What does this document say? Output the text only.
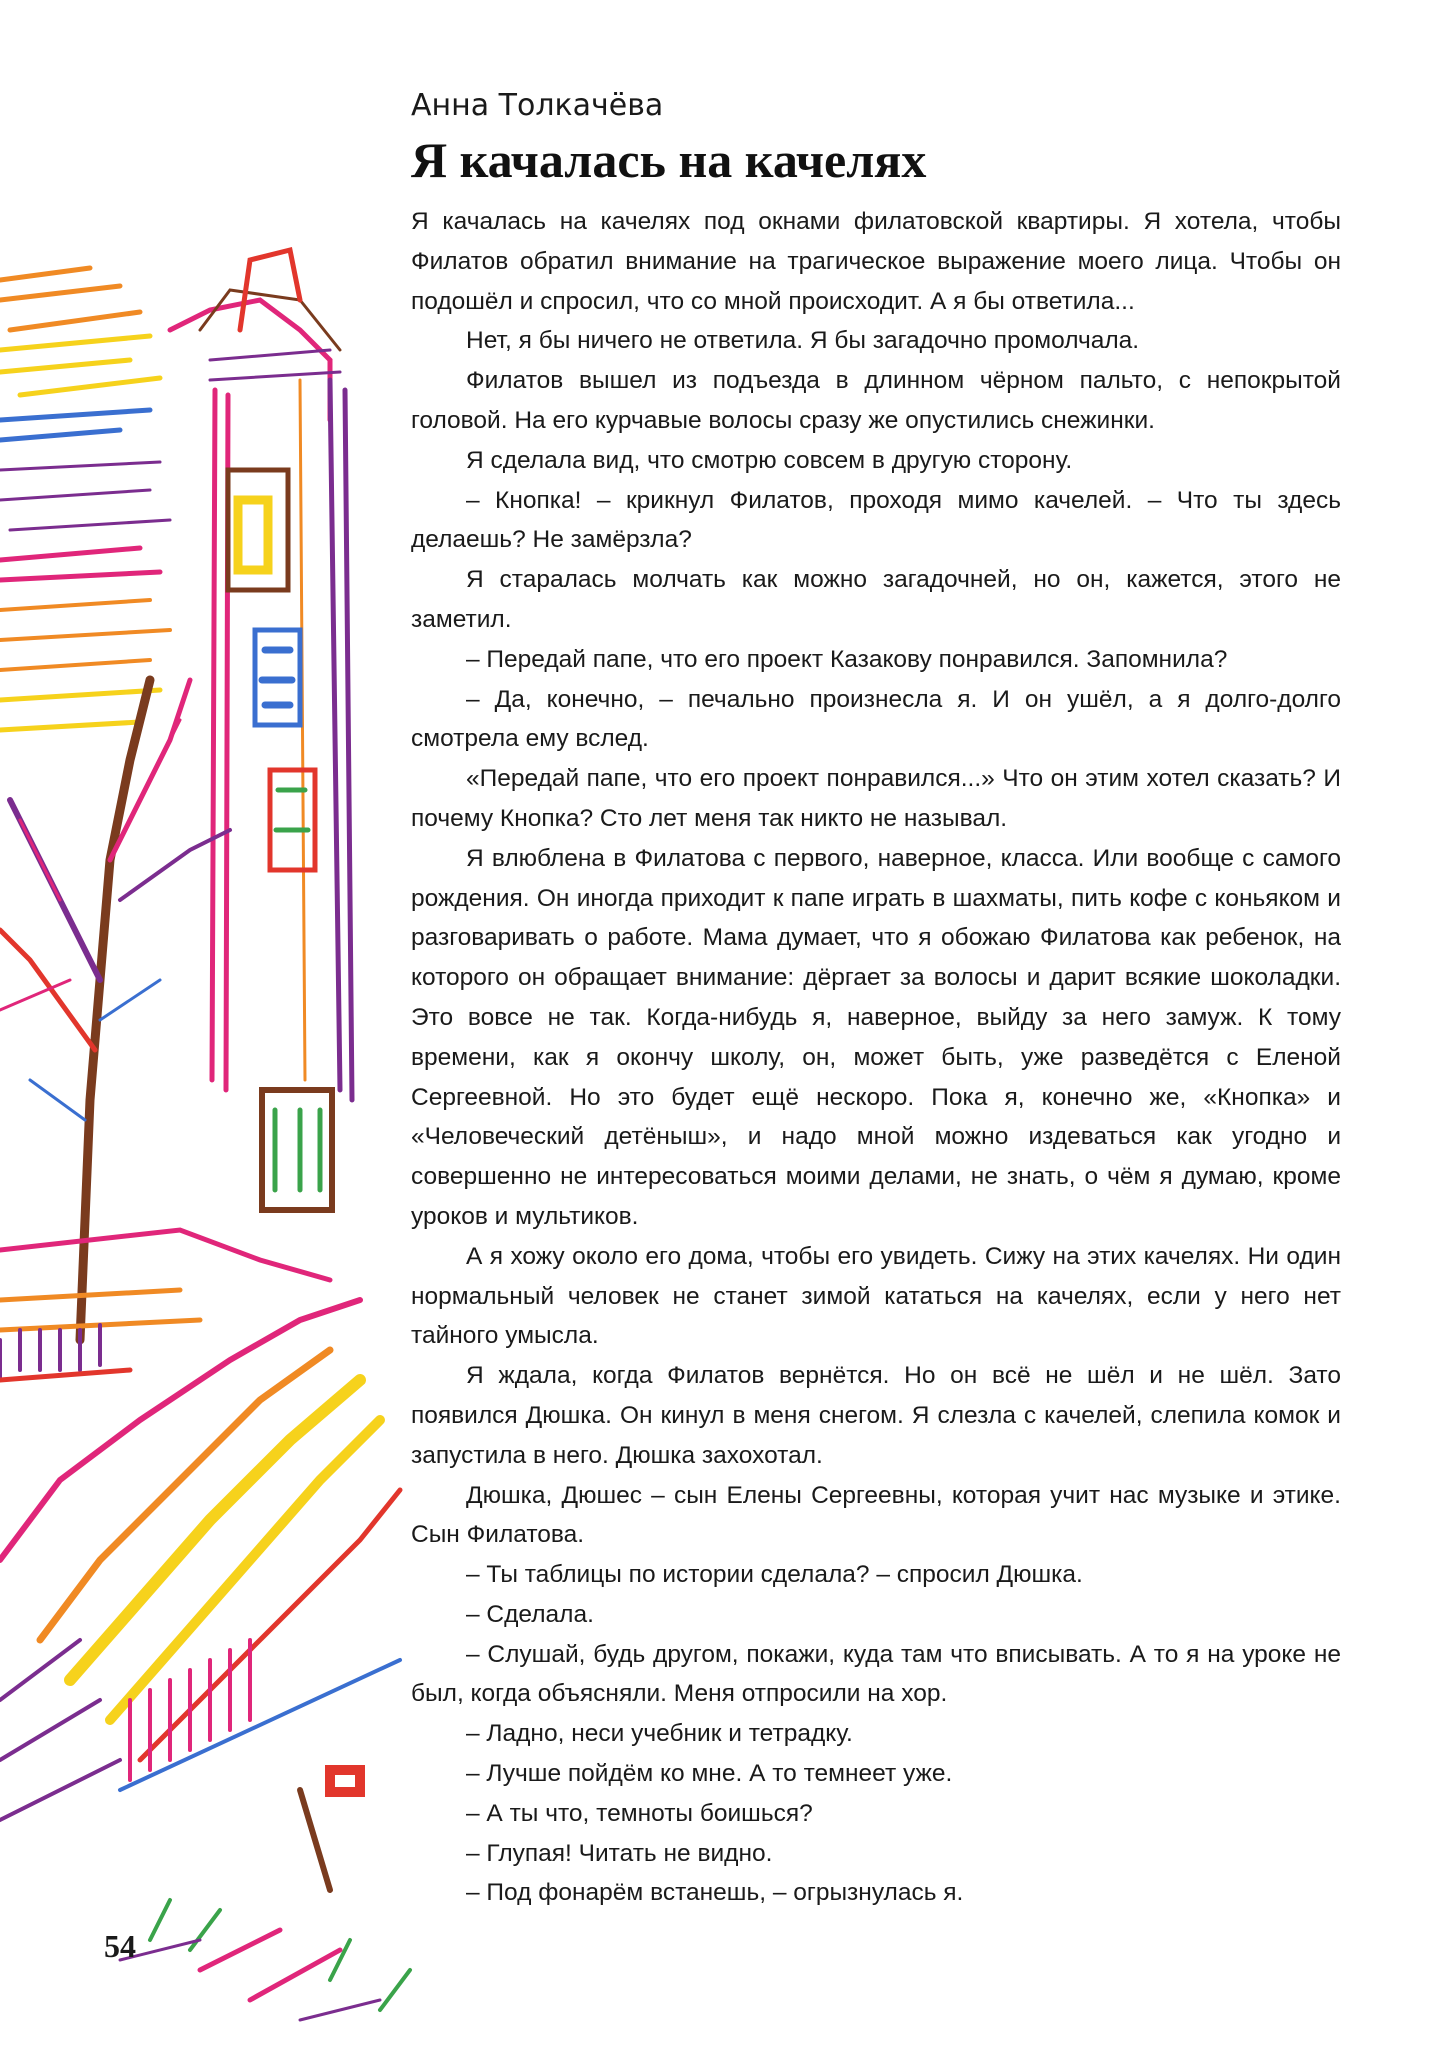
54
Анна Толкачёва
Я качалась на качелях

Я качалась на качелях под окнами филатовской квартиры. Я хотела, чтобы Филатов обратил внимание на трагическое выражение моего лица. Чтобы он подошёл и спросил, что со мной происходит. А я бы ответила...

Нет, я бы ничего не ответила. Я бы загадочно промолчала.

Филатов вышел из подъезда в длинном чёрном пальто, с непокрытой головой. На его курчавые волосы сразу же опустились снежинки.

Я сделала вид, что смотрю совсем в другую сторону.

– Кнопка! – крикнул Филатов, проходя мимо качелей. – Что ты здесь делаешь? Не замёрзла?

Я старалась молчать как можно загадочней, но он, кажется, этого не заметил.

– Передай папе, что его проект Казакову понравился. Запомнила?

– Да, конечно, – печально произнесла я. И он ушёл, а я долго-долго смотрела ему вслед.

«Передай папе, что его проект понравился...» Что он этим хотел сказать? И почему Кнопка? Сто лет меня так никто не называл.

Я влюблена в Филатова с первого, наверное, класса. Или вообще с самого рождения. Он иногда приходит к папе играть в шахматы, пить кофе с коньяком и разговаривать о работе. Мама думает, что я обожаю Филатова как ребенок, на которого он обращает внимание: дёргает за волосы и дарит всякие шоколадки. Это вовсе не так. Когда-нибудь я, наверное, выйду за него замуж. К тому времени, как я окончу школу, он, может быть, уже разведётся с Еленой Сергеевной. Но это будет ещё нескоро. Пока я, конечно же, «Кнопка» и «Человеческий детёныш», и надо мной можно издеваться как угодно и совершенно не интересоваться моими делами, не знать, о чём я думаю, кроме уроков и мультиков.

А я хожу около его дома, чтобы его увидеть. Сижу на этих качелях. Ни один нормальный человек не станет зимой кататься на качелях, если у него нет тайного умысла.

Я ждала, когда Филатов вернётся. Но он всё не шёл и не шёл. Зато появился Дюшка. Он кинул в меня снегом. Я слезла с качелей, слепила комок и запустила в него. Дюшка захохотал.

Дюшка, Дюшес – сын Елены Сергеевны, которая учит нас музыке и этике. Сын Филатова.

– Ты таблицы по истории сделала? – спросил Дюшка.

– Сделала.

– Слушай, будь другом, покажи, куда там что вписывать. А то я на уроке не был, когда объясняли. Меня отпросили на хор.

– Ладно, неси учебник и тетрадку.

– Лучше пойдём ко мне. А то темнеет уже.

– А ты что, темноты боишься?

– Глупая! Читать не видно.

– Под фонарём встанешь, – огрызнулась я.
